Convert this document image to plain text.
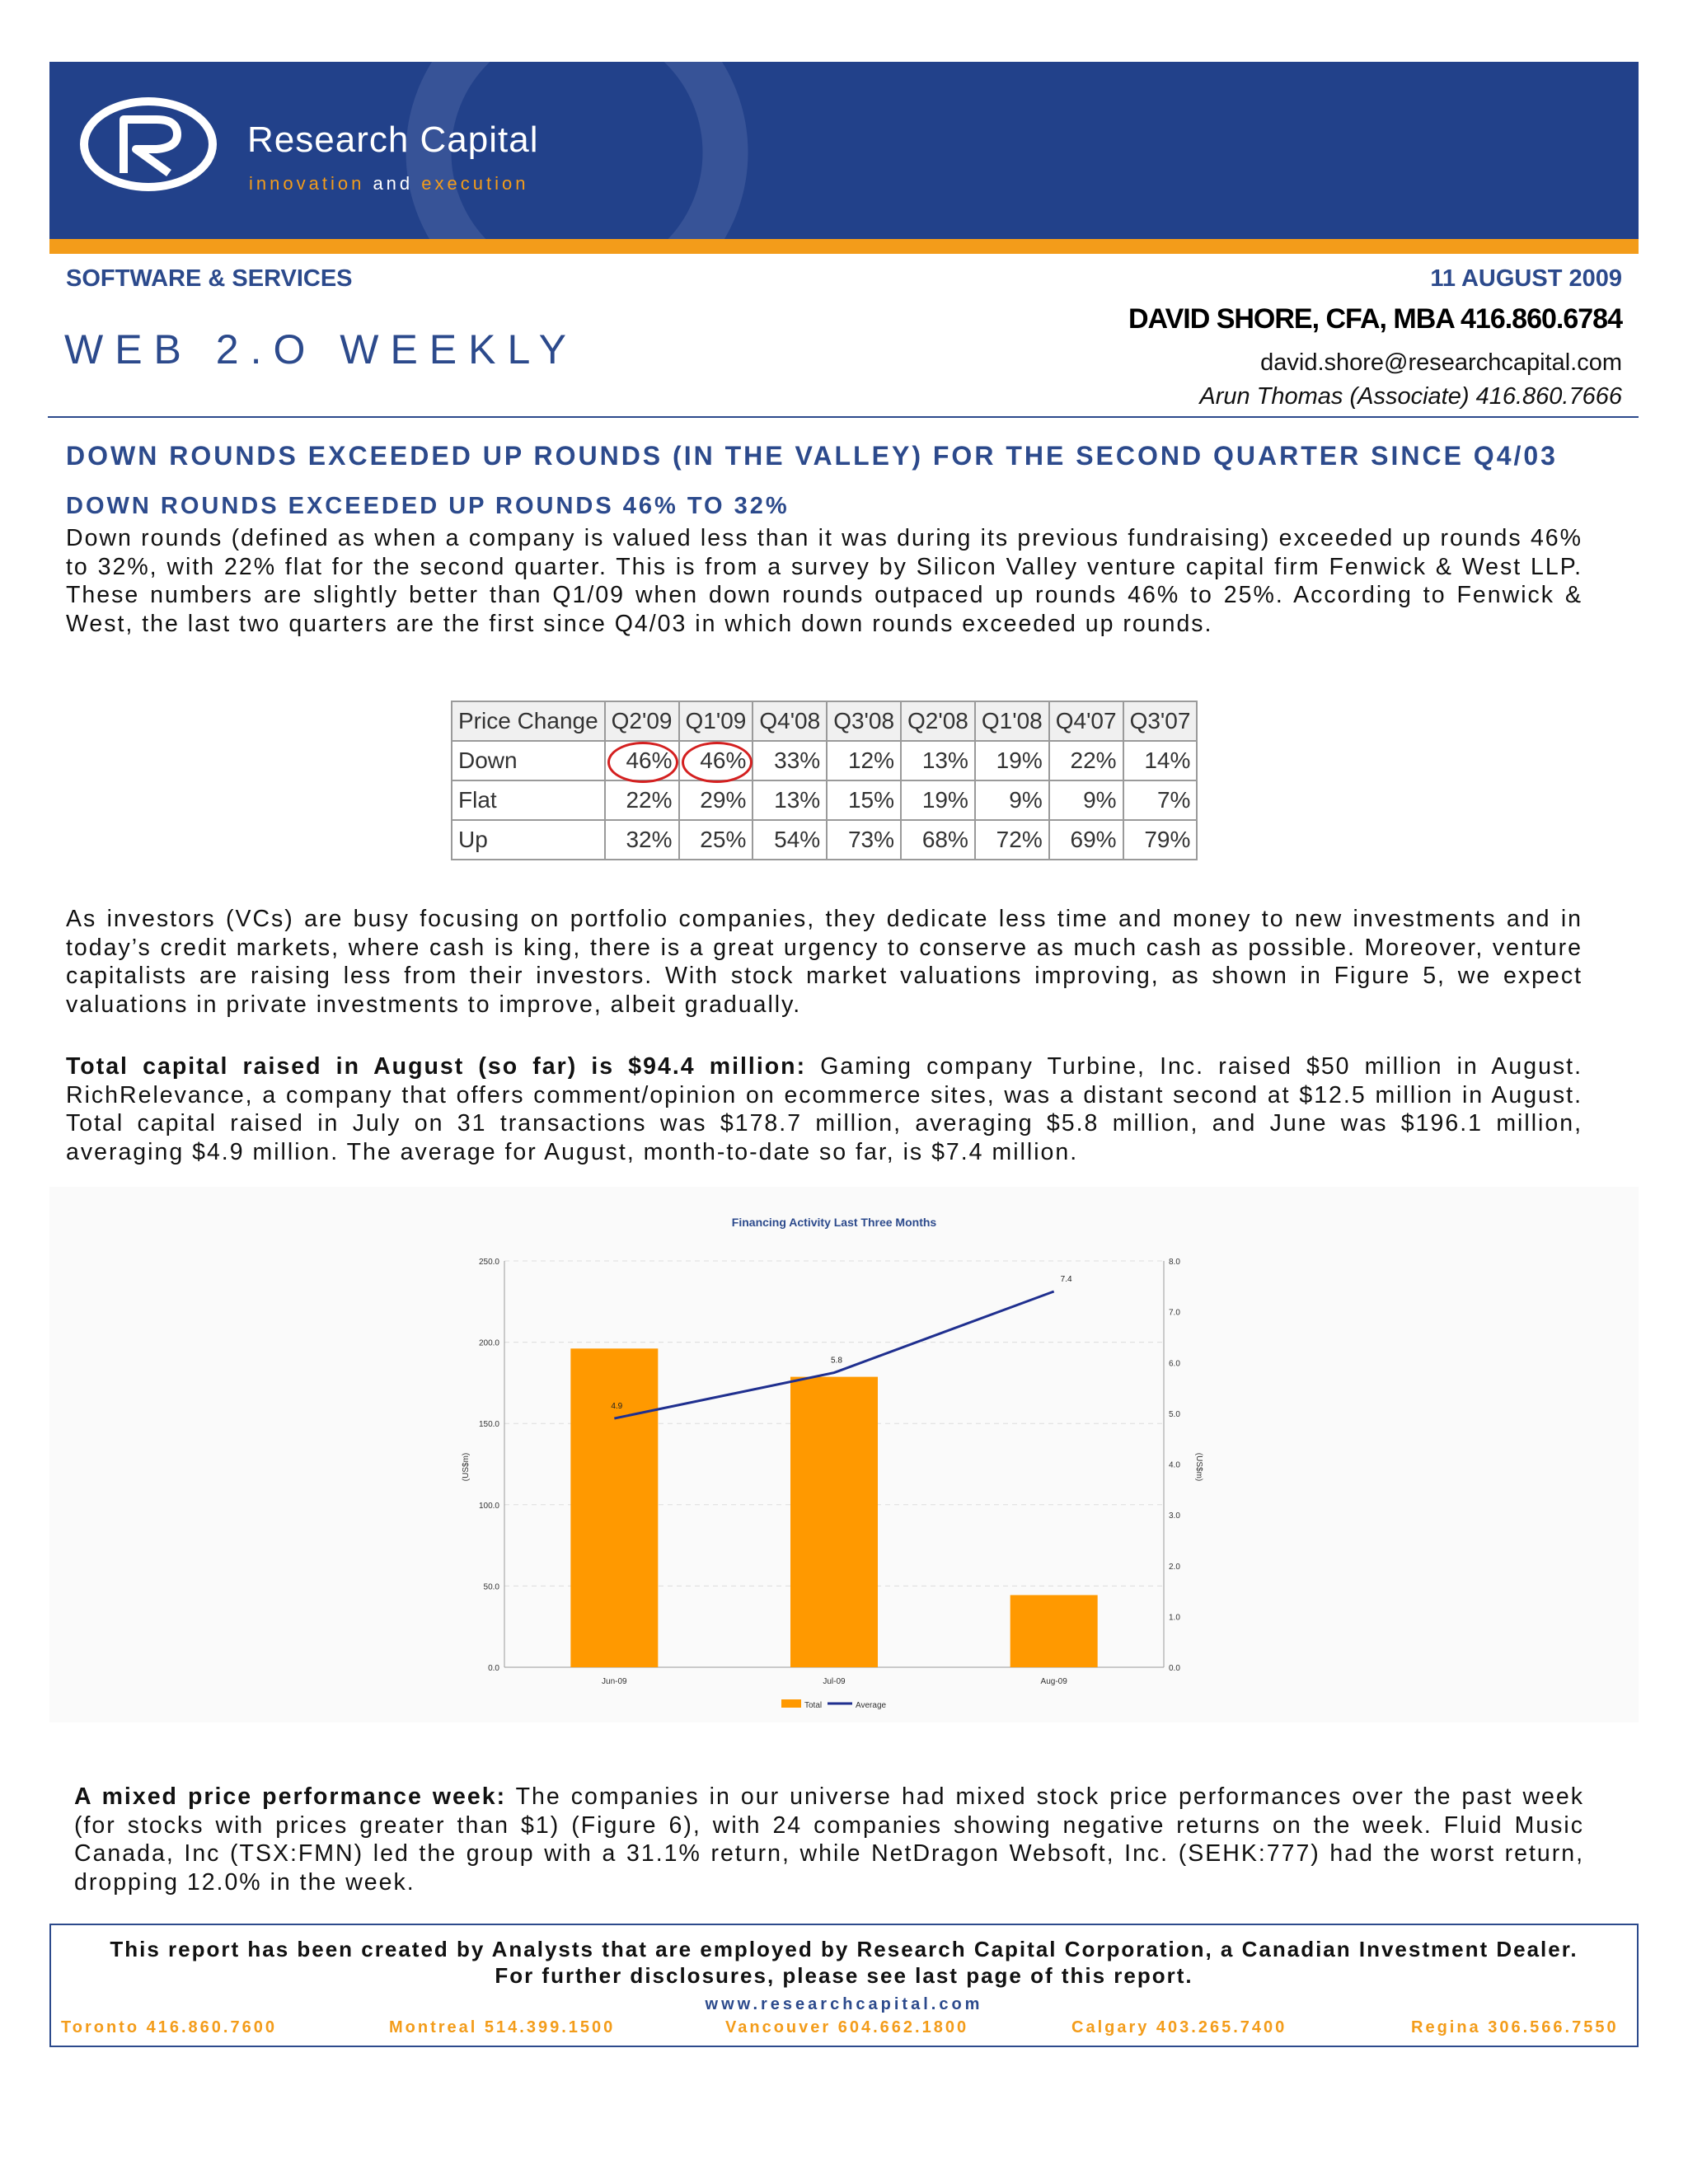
Research Capital
innovation and execution
SOFTWARE & SERVICES	11 AUGUST 2009
WEB 2.O WEEKLY
DAVID SHORE, CFA, MBA 416.860.6784
david.shore@researchcapital.com
Arun Thomas (Associate) 416.860.7666
DOWN ROUNDS EXCEEDED UP ROUNDS (IN THE VALLEY) FOR THE SECOND QUARTER SINCE Q4/03
DOWN ROUNDS EXCEEDED UP ROUNDS 46% TO 32%
Down rounds (defined as when a company is valued less than it was during its previous fundraising) exceeded up rounds 46% to 32%, with 22% flat for the second quarter. This is from a survey by Silicon Valley venture capital firm Fenwick & West LLP. These numbers are slightly better than Q1/09 when down rounds outpaced up rounds 46% to 25%. According to Fenwick & West, the last two quarters are the first since Q4/03 in which down rounds exceeded up rounds.
Price Change	Q2'09	Q1'09	Q4'08	Q3'08	Q2'08	Q1'08	Q4'07	Q3'07
Down	46%	46%	33%	12%	13%	19%	22%	14%
Flat	22%	29%	13%	15%	19%	9%	9%	7%
Up	32%	25%	54%	73%	68%	72%	69%	79%
As investors (VCs) are busy focusing on portfolio companies, they dedicate less time and money to new investments and in today’s credit markets, where cash is king, there is a great urgency to conserve as much cash as possible. Moreover, venture capitalists are raising less from their investors. With stock market valuations improving, as shown in Figure 5, we expect valuations in private investments to improve, albeit gradually.
Total capital raised in August (so far) is $94.4 million: Gaming company Turbine, Inc. raised $50 million in August. RichRelevance, a company that offers comment/opinion on ecommerce sites, was a distant second at $12.5 million in August. Total capital raised in July on 31 transactions was $178.7 million, averaging $5.8 million, and June was $196.1 million, averaging $4.9 million. The average for August, month-to-date so far, is $7.4 million.
Financing Activity Last Three Months
0.0
50.0
100.0
150.0
200.0
250.0
0.0
1.0
2.0
3.0
4.0
5.0
6.0
7.0
8.0
(US$m)	(US$m)
Jun-09	Jul-09	Aug-09
4.9
5.8
7.4
Total	Average
A mixed price performance week: The companies in our universe had mixed stock price performances over the past week (for stocks with prices greater than $1) (Figure 6), with 24 companies showing negative returns on the week. Fluid Music Canada, Inc (TSX:FMN) led the group with a 31.1% return, while NetDragon Websoft, Inc. (SEHK:777) had the worst return, dropping 12.0% in the week.
This report has been created by Analysts that are employed by Research Capital Corporation, a Canadian Investment Dealer.
For further disclosures, please see last page of this report.
www.researchcapital.com
Toronto 416.860.7600	Montreal 514.399.1500	Vancouver 604.662.1800	Calgary 403.265.7400	Regina 306.566.7550
